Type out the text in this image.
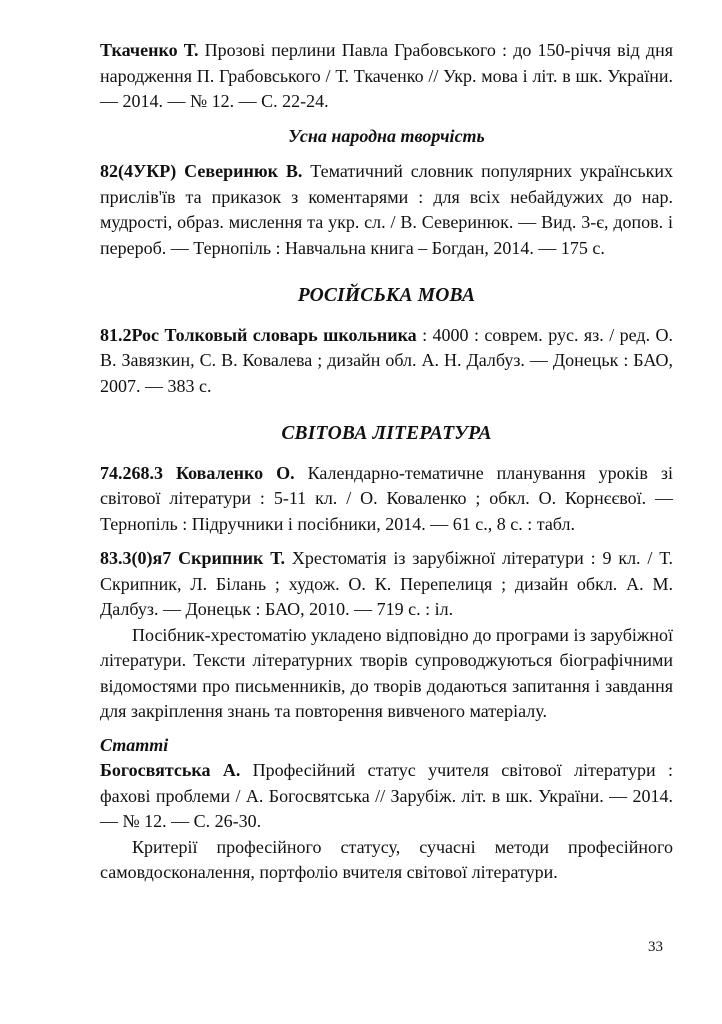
Ткаченко Т. Прозові перлини Павла Грабовського : до 150-річчя від дня народження П. Грабовського / Т. Ткаченко // Укр. мова і літ. в шк. України. — 2014. — № 12. — С. 22-24.

Усна народна творчість

82(4УКР) Северинюк В. Тематичний словник популярних українських прислів'їв та приказок з коментарями : для всіх небайдужих до нар. мудрості, образ. мислення та укр. сл. / В. Северинюк. — Вид. 3-є, допов. і перероб. — Тернопіль : Навчальна книга – Богдан, 2014. — 175 с.

РОСІЙСЬКА МОВА

81.2Рос Толковый словарь школьника : 4000 : соврем. рус. яз. / ред. О. В. Завязкин, С. В. Ковалева ; дизайн обл. А. Н. Далбуз. — Донецьк : БАО, 2007. — 383 с.

СВІТОВА ЛІТЕРАТУРА

74.268.3 Коваленко О. Календарно-тематичне планування уроків зі світової літератури : 5-11 кл. / О. Коваленко ; обкл. О. Корнєєвої. — Тернопіль : Підручники і посібники, 2014. — 61 с., 8 с. : табл.

83.3(0)я7 Скрипник Т. Хрестоматія із зарубіжної літератури : 9 кл. / Т. Скрипник, Л. Білань ; худож. О. К. Перепелиця ; дизайн обкл. А. М. Далбуз. — Донецьк : БАО, 2010. — 719 с. : іл.

Посібник-хрестоматію укладено відповідно до програми із зарубіжної літератури. Тексти літературних творів супроводжуються біографічними відомостями про письменників, до творів додаються запитання і завдання для закріплення знань та повторення вивченого матеріалу.

Статті

Богосвятська А. Професійний статус учителя світової літератури : фахові проблеми / А. Богосвятська // Зарубіж. літ. в шк. України. — 2014. — № 12. — С. 26-30.

Критерії професійного статусу, сучасні методи професійного самовдосконалення, портфоліо вчителя світової літератури.

33
